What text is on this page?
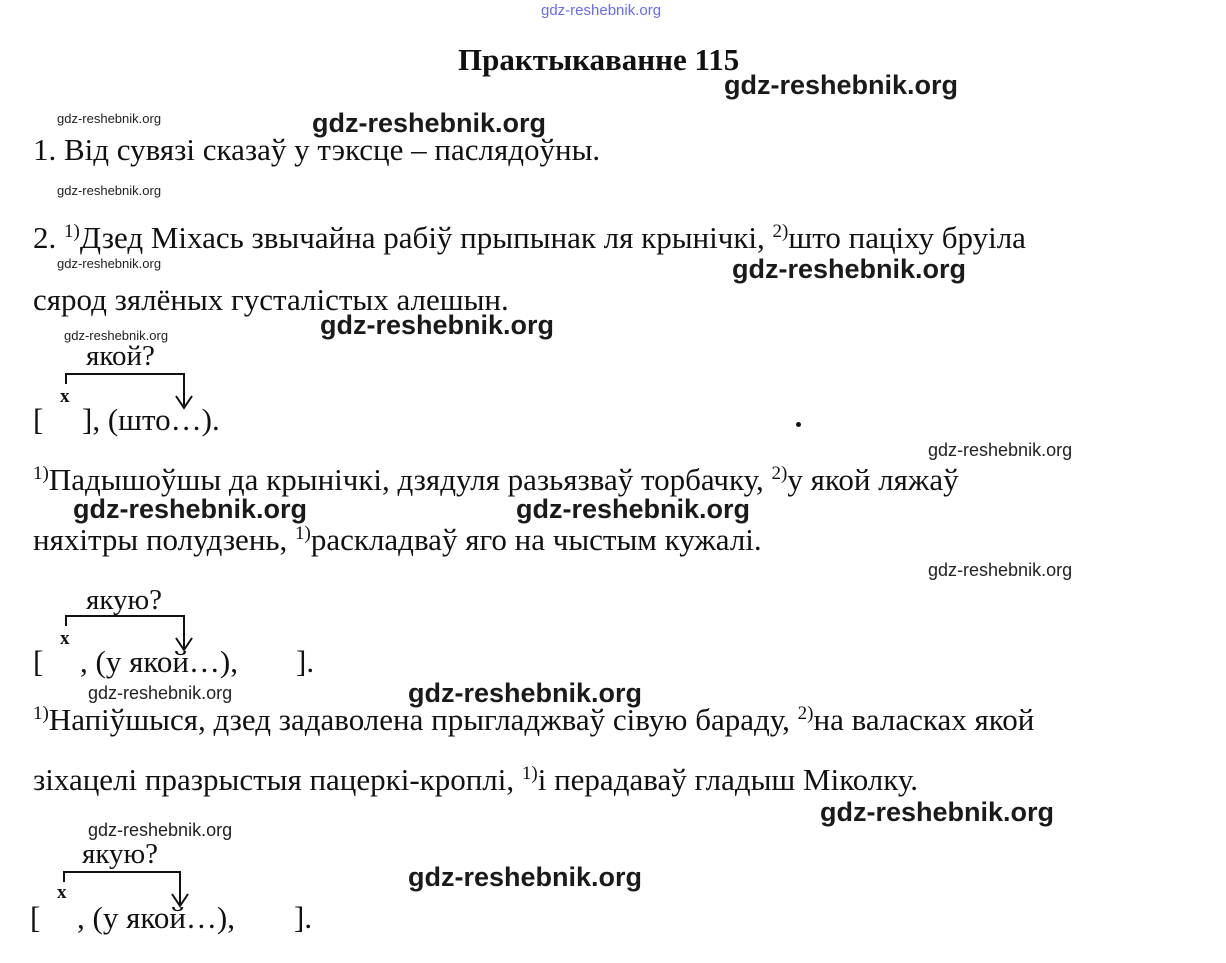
gdz-reshebnik.org
Практыкаванне 115
1. Від сувязі сказаў у тэксце – паслядоўны.
2. $^{1)}$Дзед Міхась звычайна рабіў прыпынак ля крынічкі, $^{2)}$што паціху бруіла
сярод зялёных густалістых алешын.
якой?
x
[ ], (што…).
$^{1)}$Падышоўшы да крынічкі, дзядуля разьязваў торбачку, $^{2)}$у якой ляжаў
няхітры полудзень, $^{1)}$раскладваў яго на чыстым кужалі.
якую?
x
[ , (у якой…), ].
$^{1)}$Напіўшыся, дзед задаволена прыгладжваў сівую бараду, $^{2)}$на валасках якой
зіхацелі празрыстыя пацеркі-кроплі, $^{1)}$і перадаваў гладыш Міколку.
якую?
x
[ , (у якой…), ].
gdz-reshebnik.org
gdz-reshebnik.org
gdz-reshebnik.org
gdz-reshebnik.org
gdz-reshebnik.org	gdz-reshebnik.org
gdz-reshebnik.org
gdz-reshebnik.org
gdz-reshebnik.org
gdz-reshebnik.org
gdz-reshebnik.org
gdz-reshebnik.org
gdz-reshebnik.org
gdz-reshebnik.org
gdz-reshebnik.org
gdz-reshebnik.org
gdz-reshebnik.org
